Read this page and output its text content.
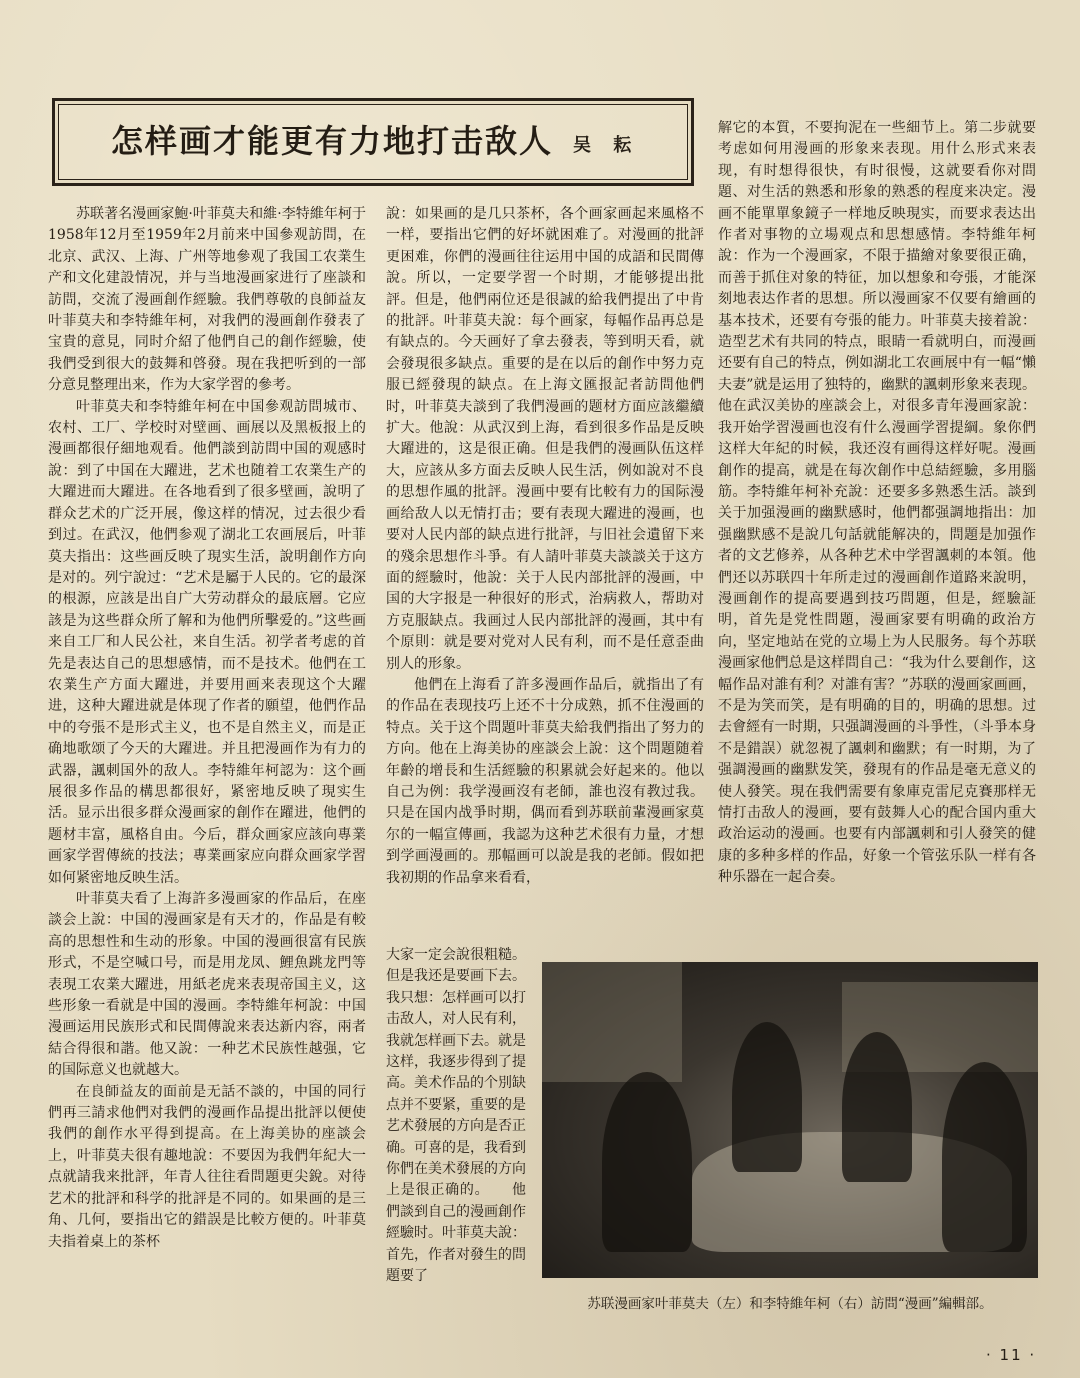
怎样画才能更有力地打击敌人 吴 耘

苏联著名漫画家鮑·叶菲莫夫和維·李特維年柯于1958年12月至1959年2月前来中国參观訪問，在北京、武汉、上海、广州等地參观了我国工农業生产和文化建設情况，并与当地漫画家进行了座談和訪問，交流了漫画創作經驗。我們尊敬的良師益友叶菲莫夫和李特維年柯，对我們的漫画創作發表了宝貴的意見，同时介紹了他們自己的創作經驗，使我們受到很大的鼓舞和啓發。現在我把听到的一部分意見整理出来，作为大家学習的參考。

叶菲莫夫和李特維年柯在中国參观訪問城市、农村、工厂、学校时对壁画、画展以及黑板报上的漫画都很仔細地观看。他們談到訪問中国的观感时說：到了中国在大躍进，艺术也随着工农業生产的大躍进而大躍进。在各地看到了很多壁画，說明了群众艺术的广泛开展，像这样的情况，过去很少看到过。在武汉，他們参观了湖北工农画展后，叶菲莫夫指出：这些画反映了現实生活，說明創作方向是对的。列宁說过：“艺术是屬于人民的。它的最深的根源，应該是出自广大劳动群众的最底層。它应該是为这些群众所了解和为他們所擊爱的。”这些画来自工厂和人民公社，来自生活。初学者考虑的首先是表达自己的思想感情，而不是技术。他們在工农業生产方面大躍进，并要用画来表现这个大躍进，这种大躍进就是体现了作者的願望，他們作品中的夸張不是形式主义，也不是自然主义，而是正确地歌颂了今天的大躍进。并且把漫画作为有力的武器，諷刺国外的敌人。李特維年柯認为：这个画展很多作品的構思都很好，紧密地反映了現实生活。显示出很多群众漫画家的創作在躍进，他們的题材丰富，風格自由。今后，群众画家应該向專業画家学習傳統的技法；專業画家应向群众画家学習如何紧密地反映生活。

叶菲莫夫看了上海許多漫画家的作品后，在座談会上說：中国的漫画家是有天才的，作品是有較高的思想性和生动的形象。中国的漫画很富有民族形式，不是空喊口号，而是用龙凤、鯉魚跳龙門等表現工农業大躍进，用紙老虎来表現帝国主义，这些形象一看就是中国的漫画。李特維年柯說：中国漫画运用民族形式和民間傳說来表达新内容，兩者結合得很和諧。他又說：一种艺术民族性越强，它的国际意义也就越大。

在良師益友的面前是无話不談的，中国的同行們再三請求他們对我們的漫画作品提出批評以便使我們的創作水平得到提高。在上海美协的座談会上，叶菲莫夫很有趣地說：不要因为我們年紀大一点就請我来批評，年青人往往看問題更尖銳。对待艺术的批評和科学的批評是不同的。如果画的是三角、几何，要指出它的錯誤是比較方便的。叶菲莫夫指着桌上的茶杯

說：如果画的是几只茶杯，各个画家画起来風格不一样，要指出它們的好坏就困难了。对漫画的批評更困难，你們的漫画往往运用中国的成語和民間傳說。所以，一定要学習一个时期，才能够提出批評。但是，他們兩位还是很誠的給我們提出了中肯的批評。叶菲莫夫說：每个画家，每幅作品再总是有缺点的。今天画好了拿去發表，等到明天看，就会發現很多缺点。重要的是在以后的創作中努力克服已經發現的缺点。在上海文匯报記者訪問他們时，叶菲莫夫談到了我們漫画的题材方面应該繼續扩大。他說：从武汉到上海，看到很多作品是反映大躍进的，这是很正确。但是我們的漫画队伍这样大，应該从多方面去反映人民生活，例如說对不良的思想作風的批評。漫画中要有比較有力的国际漫画给敌人以无情打击；要有表现大躍进的漫画，也要对人民内部的缺点进行批評，与旧社会遺留下来的殘余思想作斗爭。有人請叶菲莫夫談談关于这方面的經驗时，他說：关于人民内部批評的漫画，中国的大字报是一种很好的形式，治病救人，帮助对方克服缺点。我画过人民内部批評的漫画，其中有个原則：就是要对党对人民有利，而不是任意歪曲別人的形象。

他們在上海看了許多漫画作品后，就指出了有的作品在表现技巧上还不十分成熟，抓不住漫画的特点。关于这个問題叶菲莫夫給我們指出了努力的方向。他在上海美协的座談会上說：这个問題随着年齡的增長和生活經驗的积累就会好起来的。他以自己为例：我学漫画沒有老師，誰也沒有教过我。只是在国内战爭时期，偶而看到苏联前輩漫画家莫尔的一幅宣傳画，我認为这种艺术很有力量，才想到学画漫画的。那幅画可以說是我的老師。假如把我初期的作品拿来看看，

大家一定会說很粗糙。但是我还是要画下去。我只想：怎样画可以打击敌人，对人民有利，我就怎样画下去。就是这样，我逐步得到了提高。美术作品的个別缺点并不要紧，重要的是艺术發展的方向是否正确。可喜的是，我看到你們在美术發展的方向上是很正确的。　　他們談到自己的漫画創作經驗时。叶菲莫夫說：首先，作者对發生的問題要了

解它的本質，不要拘泥在一些細节上。第二步就要考虑如何用漫画的形象来表现。用什么形式来表现，有时想得很快，有时很慢，这就要看你对問題、对生活的熟悉和形象的熟悉的程度来决定。漫画不能單單象鏡子一样地反映現实，而要求表达出作者对事物的立場观点和思想感情。李特維年柯說：作为一个漫画家，不限于描繪对象要很正确，而善于抓住对象的特征，加以想象和夸張，才能深刻地表达作者的思想。所以漫画家不仅要有繪画的基本技术，还要有夸張的能力。叶菲莫夫接着說：造型艺术有共同的特点，眼睛一看就明白，而漫画还要有自己的特点，例如湖北工农画展中有一幅“懶夫妻”就是运用了独特的，幽默的諷刺形象来表现。他在武汉美协的座談会上，对很多青年漫画家說：我开始学習漫画也沒有什么漫画学習提綱。象你們这样大年紀的时候，我还沒有画得这样好呢。漫画創作的提高，就是在每次創作中总結經驗，多用腦筋。李特維年柯补充說：还要多多熟悉生活。談到关于加强漫画的幽默感时，他們都强調地指出：加强幽默感不是說几句話就能解决的，問題是加强作者的文艺修养，从各种艺术中学習諷刺的本領。他們还以苏联四十年所走过的漫画創作道路来說明，漫画創作的提高要遇到技巧問題，但是，經驗証明，首先是党性問題，漫画家要有明确的政治方向，坚定地站在党的立場上为人民服务。每个苏联漫画家他們总是这样問自己：“我为什么要創作，这幅作品对誰有利？对誰有害？”苏联的漫画家画画，不是为笑而笑，是有明确的目的，明确的思想。过去會經有一时期，只强調漫画的斗爭性，（斗爭本身不是錯誤）就忽視了諷刺和幽默；有一时期，为了强調漫画的幽默发笑，發現有的作品是毫无意义的使人發笑。現在我們需要有象庫克雷尼克賽那样无情打击敌人的漫画，要有鼓舞人心的配合国内重大政治运动的漫画。也要有内部諷刺和引人發笑的健康的多种多样的作品，好象一个管弦乐队一样有各种乐器在一起合奏。

苏联漫画家叶菲莫夫（左）和李特維年柯（右）訪問“漫画”編輯部。
· 11 ·
